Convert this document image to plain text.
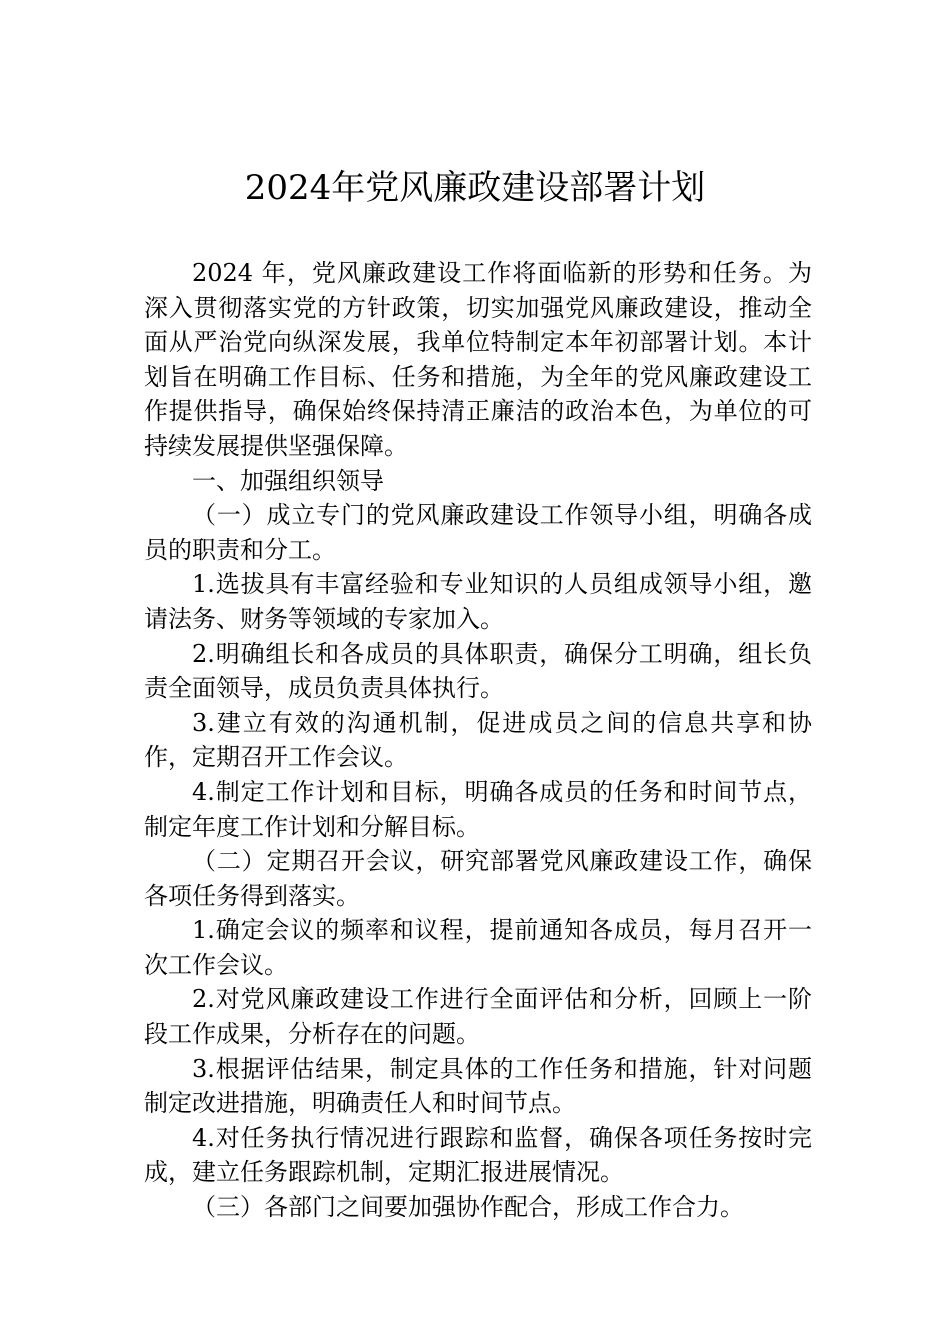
2024年党风廉政建设部署计划

2024 年，党风廉政建设工作将面临新的形势和任务。为深入贯彻落实党的方针政策，切实加强党风廉政建设，推动全面从严治党向纵深发展，我单位特制定本年初部署计划。本计划旨在明确工作目标、任务和措施，为全年的党风廉政建设工作提供指导，确保始终保持清正廉洁的政治本色，为单位的可持续发展提供坚强保障。

一、加强组织领导

（一）成立专门的党风廉政建设工作领导小组，明确各成员的职责和分工。

1.选拔具有丰富经验和专业知识的人员组成领导小组，邀请法务、财务等领域的专家加入。

2.明确组长和各成员的具体职责，确保分工明确，组长负责全面领导，成员负责具体执行。

3.建立有效的沟通机制，促进成员之间的信息共享和协作，定期召开工作会议。

4.制定工作计划和目标，明确各成员的任务和时间节点，制定年度工作计划和分解目标。

（二）定期召开会议，研究部署党风廉政建设工作，确保各项任务得到落实。

1.确定会议的频率和议程，提前通知各成员，每月召开一次工作会议。

2.对党风廉政建设工作进行全面评估和分析，回顾上一阶段工作成果，分析存在的问题。

3.根据评估结果，制定具体的工作任务和措施，针对问题制定改进措施，明确责任人和时间节点。

4.对任务执行情况进行跟踪和监督，确保各项任务按时完成，建立任务跟踪机制，定期汇报进展情况。

（三）各部门之间要加强协作配合，形成工作合力。
